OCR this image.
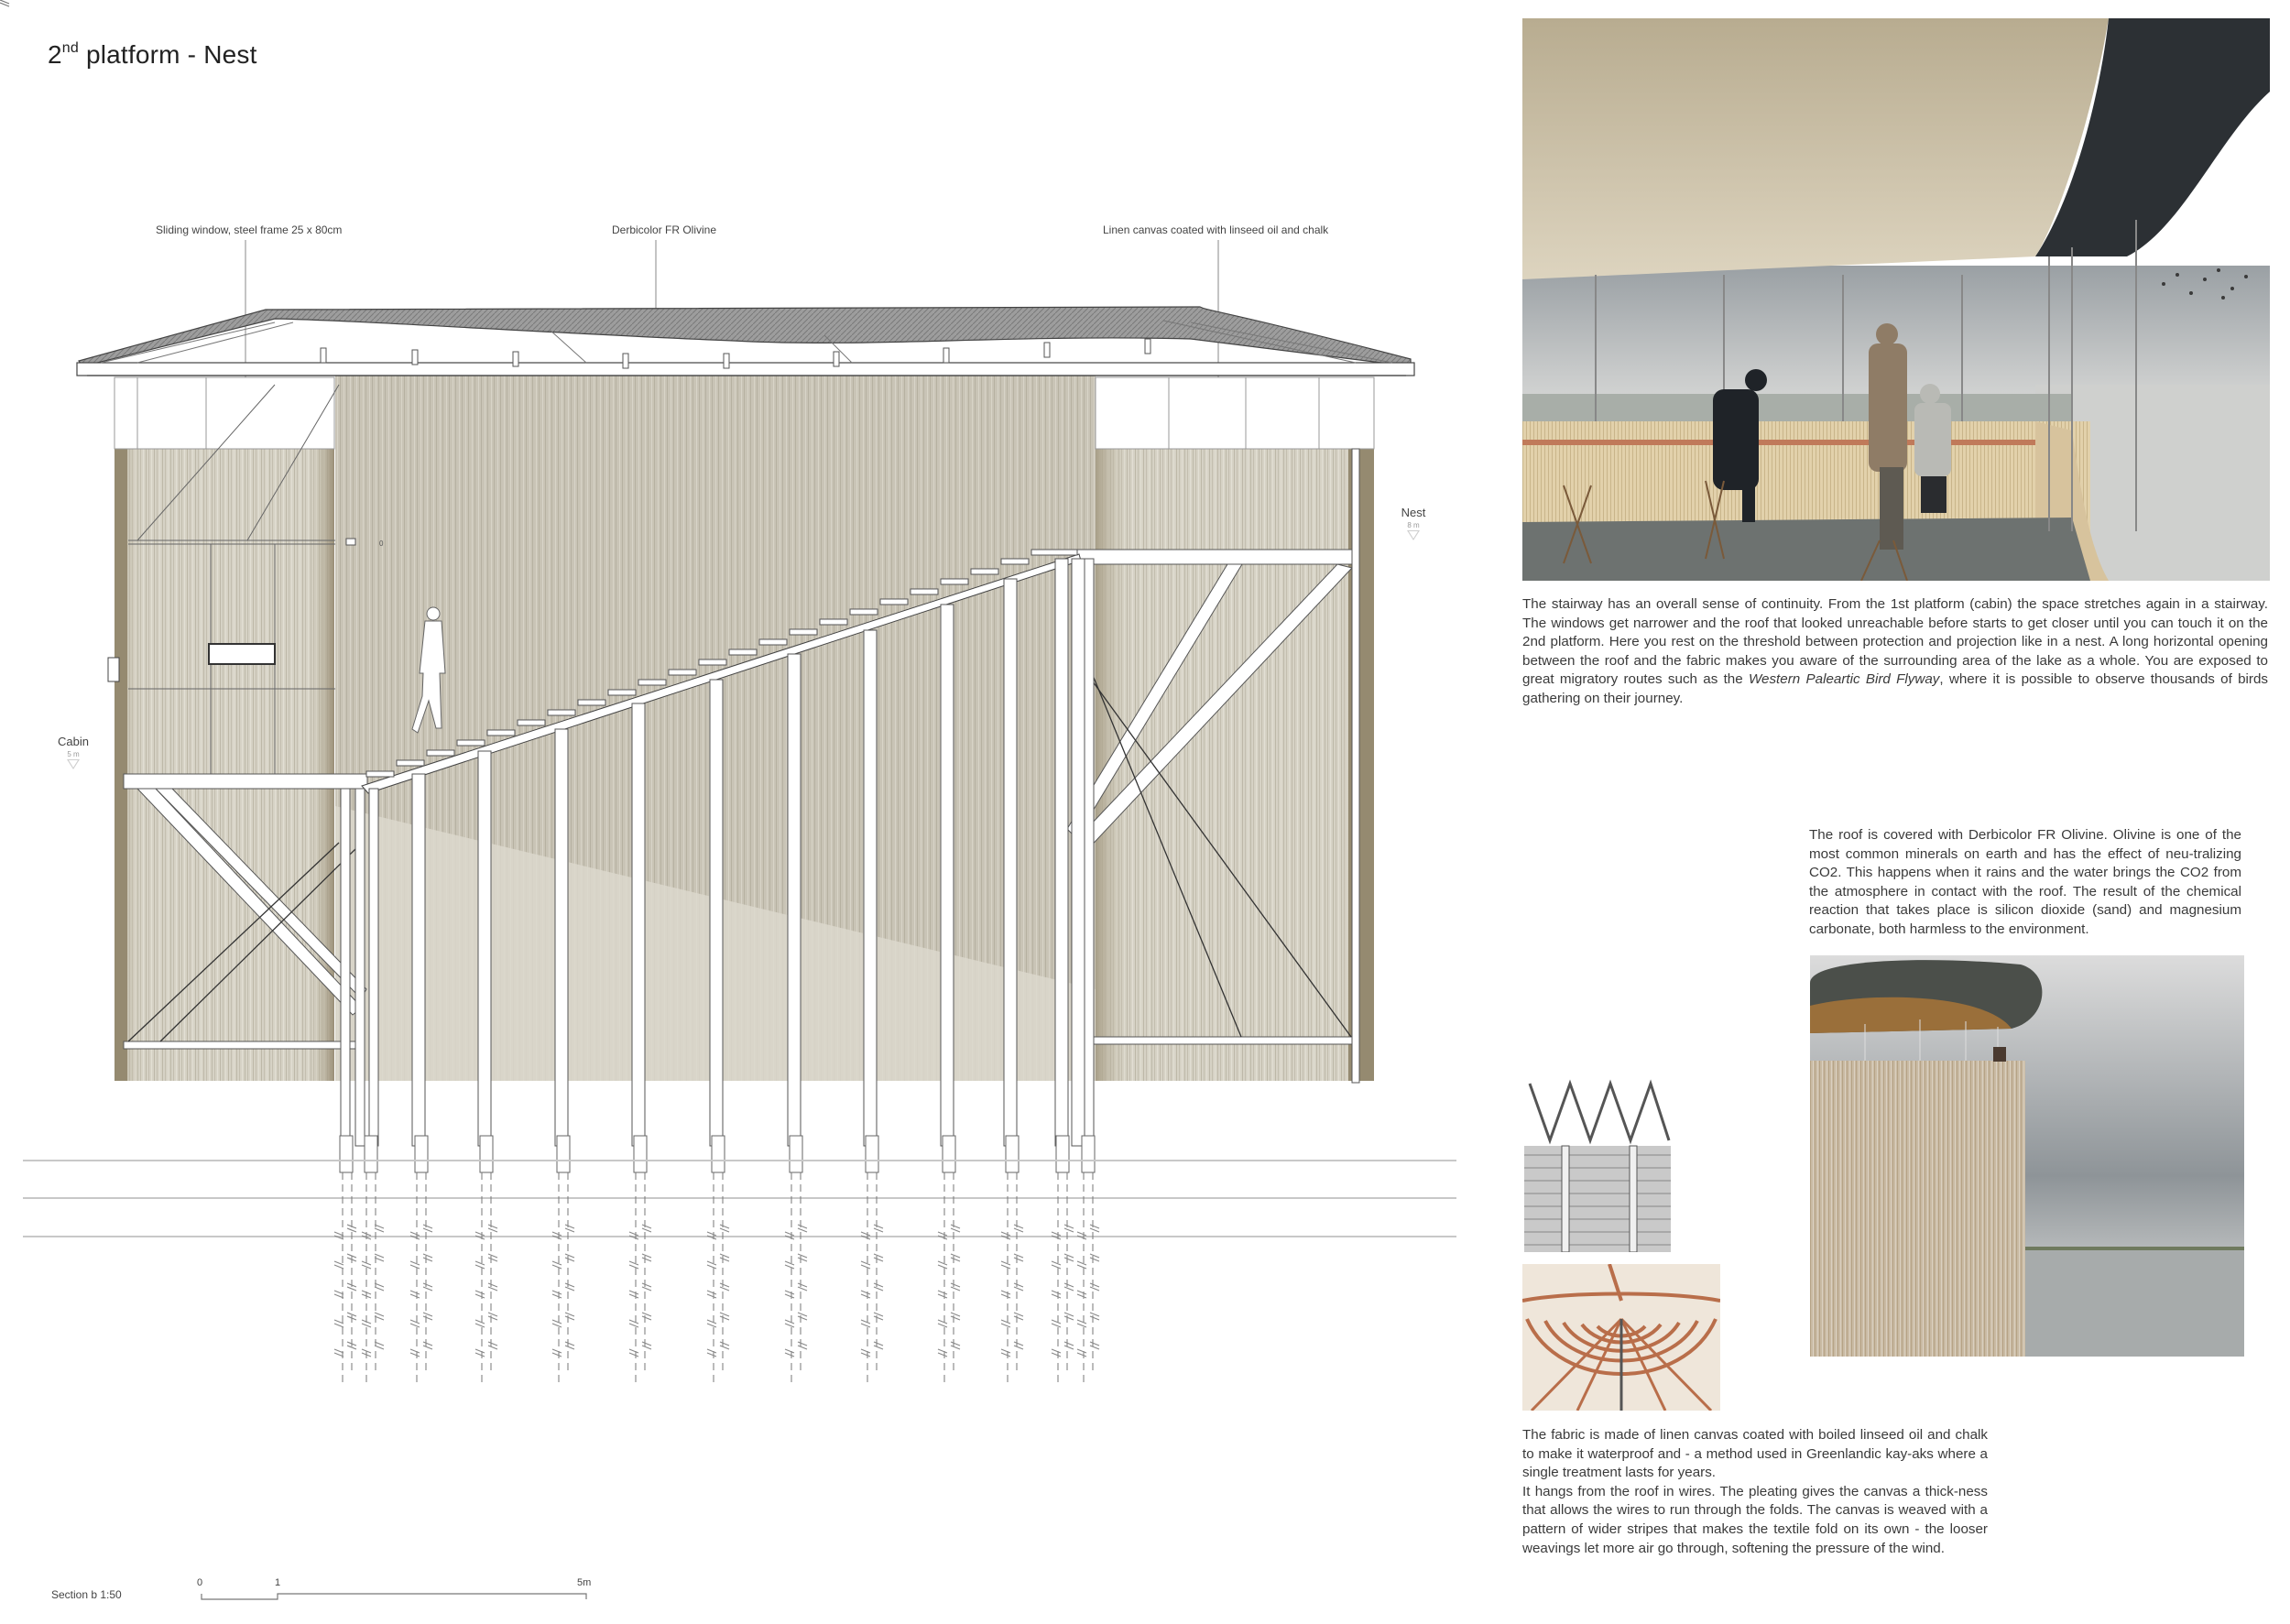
2nd platform - Nest
0
Sliding window, steel frame 25 x 80cm	Derbicolor FR Olivine	Linen canvas coated with linseed oil and chalk
Cabin
5 m
Nest
8 m
Section b 1:50
0	1	5m
The stairway has an overall sense of continuity. From the 1st platform (cabin) the space stretches again in a stairway. The windows get narrower and the roof that looked unreachable before starts to get closer until you can touch it on the 2nd platform. Here you rest on the threshold between protection and projection like in a nest. A long horizontal opening between the roof and the fabric makes you aware of the surrounding area of the lake as a whole. You are exposed to great migratory routes such as the Western Paleartic Bird Flyway, where it is possible to observe thousands of birds gathering on their journey.
The roof is covered with Derbicolor FR Olivine. Olivine is one of the most common minerals on earth and has the effect of neu-tralizing CO2. This happens when it rains and the water brings the CO2 from the atmosphere in contact with the roof. The result of the chemical reaction that takes place is silicon dioxide (sand) and magnesium carbonate, both harmless to the environment.
The fabric is made of linen canvas coated with boiled linseed oil and chalk to make it waterproof and - a method used in Greenlandic kay-aks where a single treatment lasts for years.
It hangs from the roof in wires. The pleating gives the canvas a thick-ness that allows the wires to run through the folds. The canvas is weaved with a pattern of wider stripes that makes the textile fold on its own - the looser weavings let more air go through, softening the pressure of the wind.
